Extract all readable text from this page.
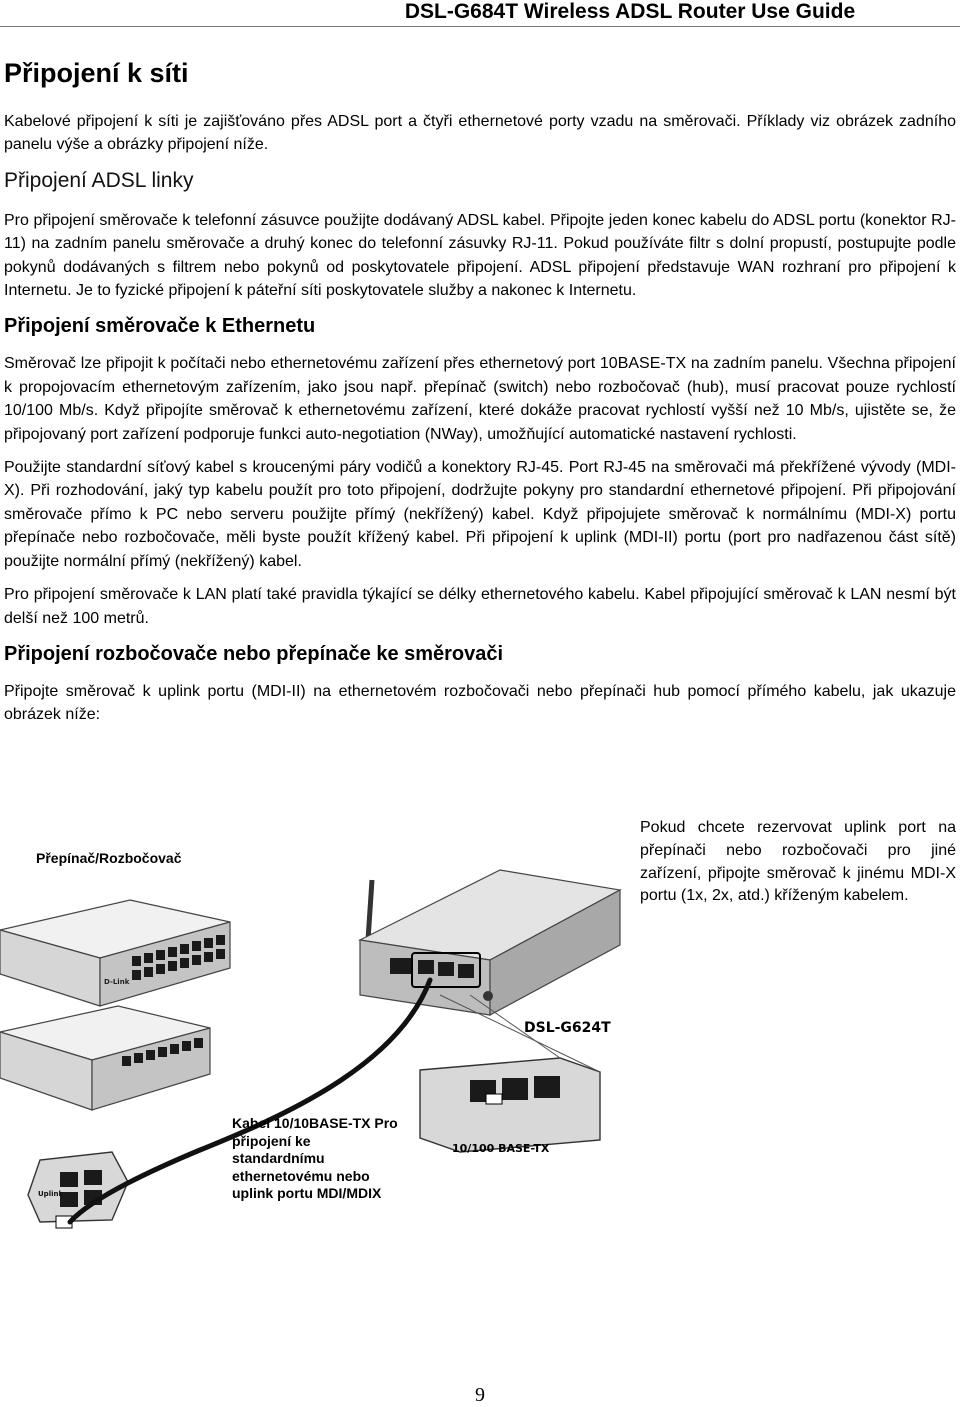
DSL-G684T Wireless ADSL Router Use Guide
Připojení k síti

Kabelové připojení k síti je zajišťováno přes ADSL port a čtyři ethernetové porty vzadu na směrovači. Příklady viz obrázek zadního panelu výše a obrázky připojení níže.

Připojení ADSL linky

Pro připojení směrovače k telefonní zásuvce použijte dodávaný ADSL kabel. Připojte jeden konec kabelu do ADSL portu (konektor RJ-11) na zadním panelu směrovače a druhý konec do telefonní zásuvky RJ-11. Pokud používáte filtr s dolní propustí, postupujte podle pokynů dodávaných s filtrem nebo pokynů od poskytovatele připojení. ADSL připojení představuje WAN rozhraní pro připojení k Internetu. Je to fyzické připojení k páteřní síti poskytovatele služby a nakonec k Internetu.

Připojení směrovače k Ethernetu

Směrovač lze připojit k počítači nebo ethernetovému zařízení přes ethernetový port 10BASE-TX na zadním panelu. Všechna připojení k propojovacím ethernetovým zařízením, jako jsou např. přepínač (switch) nebo rozbočovač (hub), musí pracovat pouze rychlostí 10/100 Mb/s. Když připojíte směrovač k ethernetovému zařízení, které dokáže pracovat rychlostí vyšší než 10 Mb/s, ujistěte se, že připojovaný port zařízení podporuje funkci auto-negotiation (NWay), umožňující automatické nastavení rychlosti.

Použijte standardní síťový kabel s kroucenými páry vodičů a konektory RJ-45. Port RJ-45 na směrovači má překřížené vývody (MDI-X). Při rozhodování, jaký typ kabelu použít pro toto připojení, dodržujte pokyny pro standardní ethernetové připojení. Při připojování směrovače přímo k PC nebo serveru použijte přímý (nekřížený) kabel. Když připojujete směrovač k normálnímu (MDI-X) portu přepínače nebo rozbočovače, měli byste použít křížený kabel. Při připojení k uplink (MDI-II) portu (port pro nadřazenou část sítě) použijte normální přímý (nekřížený) kabel.

Pro připojení směrovače k LAN platí také pravidla týkající se délky ethernetového kabelu. Kabel připojující směrovač k LAN nesmí být delší než 100 metrů.

Připojení rozbočovače nebo přepínače ke směrovači

Připojte směrovač k uplink portu (MDI-II) na ethernetovém rozbočovači nebo přepínači hub pomocí přímého kabelu, jak ukazuje obrázek níže:

D-Link
Uplink
Přepínač/Rozbočovač
DSL-G624T
10/100 BASE-TX
Kabel 10/10BASE-TX Pro připojení ke standardnímu ethernetovému nebo uplink portu MDI/MDIX
Pokud chcete rezervovat uplink port na přepínači nebo rozbočovači pro jiné zařízení, připojte směrovač k jinému MDI-X portu (1x, 2x, atd.) kříženým kabelem.
9
